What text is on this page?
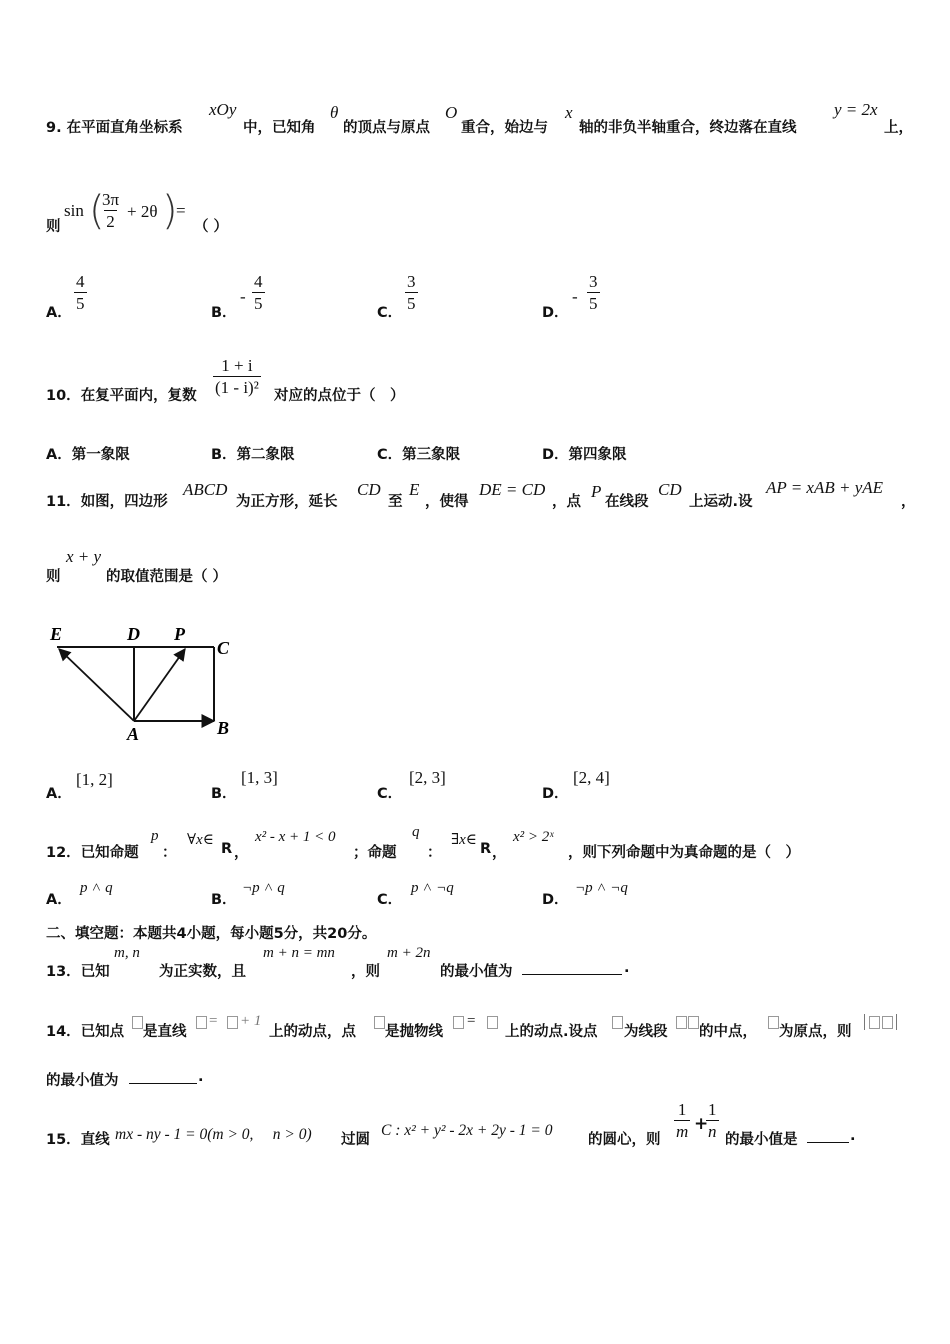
9. 在平面直角坐标系
xOy
中，已知角
θ
的顶点与原点
O
重合，始边与
x
轴的非负半轴重合，终边落在直线
y = 2x
上，
则
sin (
$\frac{3\pi}{2} + 2\theta$ )
=
（ ）
A． $\frac{4}{5}$	B．
- $\frac{4}{5}$	C． $\frac{3}{5}$	D．
- $\frac{3}{5}$
10．在复平面内，复数 $\frac{1 + i}{\text{(1 - i)²}}$ 对应的点位于（　）
A．第一象限	B．第二象限	C．第三象限	D．第四象限
11．如图，四边形
ABCD
为正方形，延长
CD
至
E
，使得
DE = CD
，点
P
在线段
CD
上运动.设
AP = xAB + yAE
，
则
x + y
的取值范围是（ ）
E	D P
C
A	B
A．
[1, 2]
B．
[1, 3]
C．
[2, 3]
D．
[2, 4]
12．已知命题
p
：
∀x∈
R ，
x² - x + 1 < 0
；命题
q
：
∃x∈
R ，
x² > 2ˣ
，则下列命题中为真命题的是（　）
A．
p ˄ q
B．
¬p ˄ q
C．
p ˄ ¬q
D．
¬p ˄ ¬q
二、填空题：本题共4小题，每小题5分，共20分。
13．已知
m, n
为正实数，且
m + n = mn
，则
m + 2n
的最小值为	.
14．已知点 是直线
= + 1
上的动点，点 是抛物线
=
上的动点.设点 为线段 的中点， 为原点，则
的最小值为	.
15．直线 mx - ny - 1 = 0(m > 0,　 n > 0) 过圆
C : x² + y² - 2x + 2y - 1 = 0
的圆心，则 $\frac{1}{m}$ +
$\frac{1}{n}$ 的最小值是	.
